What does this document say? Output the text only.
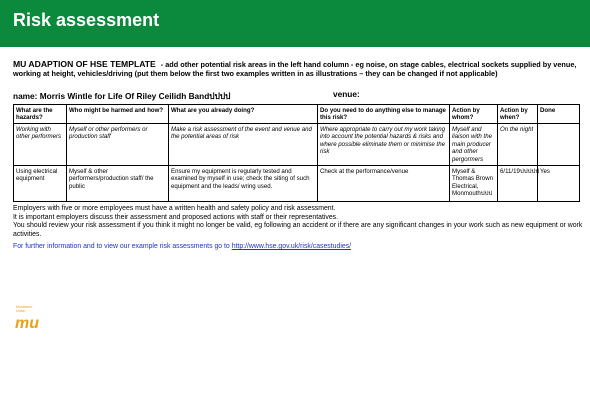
Risk assessment
MU ADAPTION OF HSE TEMPLATE - add other potential risk areas in the left hand column - eg noise, on stage cables, electrical sockets supplied by venue, working at height, vehicles/driving (put them below the first two examples written in as illustrations – they can be changed if not applicable)
name: Morris Wintle for Life Of Riley Ceilidh Bandปปปป	venue:
What are the hazards?	Who might be harmed and how?	What are you already doing?	Do you need to do anything else to manage this risk?	Action by whom?	Action by when?	Done
Working with other performers	Myself or other performers or production staff	Make a risk assessment of the event and venue and the potential areas of risk	Where appropriate to carry out my work taking into account the potential hazards & risks and where possible eliminate them or minimise the risk	Myself and liaison with the main producer and other pergormers	On the night	
Using electrical equipment	Myself & other performers/production staff/ the public	Ensure my equipment is regularly tested and examined by myself in use; check the siting of such equipment and the leads/ wring used.	Check at the performance/venue	Myself & Thomas Brown Electrical, Monmouthปปป	6/11/19ปปปปป	Yes
Employers with five or more employees must have a written health and safety policy and risk assessment.
It is important employers discuss their assessment and proposed actions with staff or their representatives.
You should review your risk assessment if you think it might no longer be valid, eg following an accident or if there are any significant changes in your work such as new equipment or work activities.
For further information and to view our example risk assessments go to http://www.hse.gov.uk/risk/casestudies/
Musicians'
Union
mu
